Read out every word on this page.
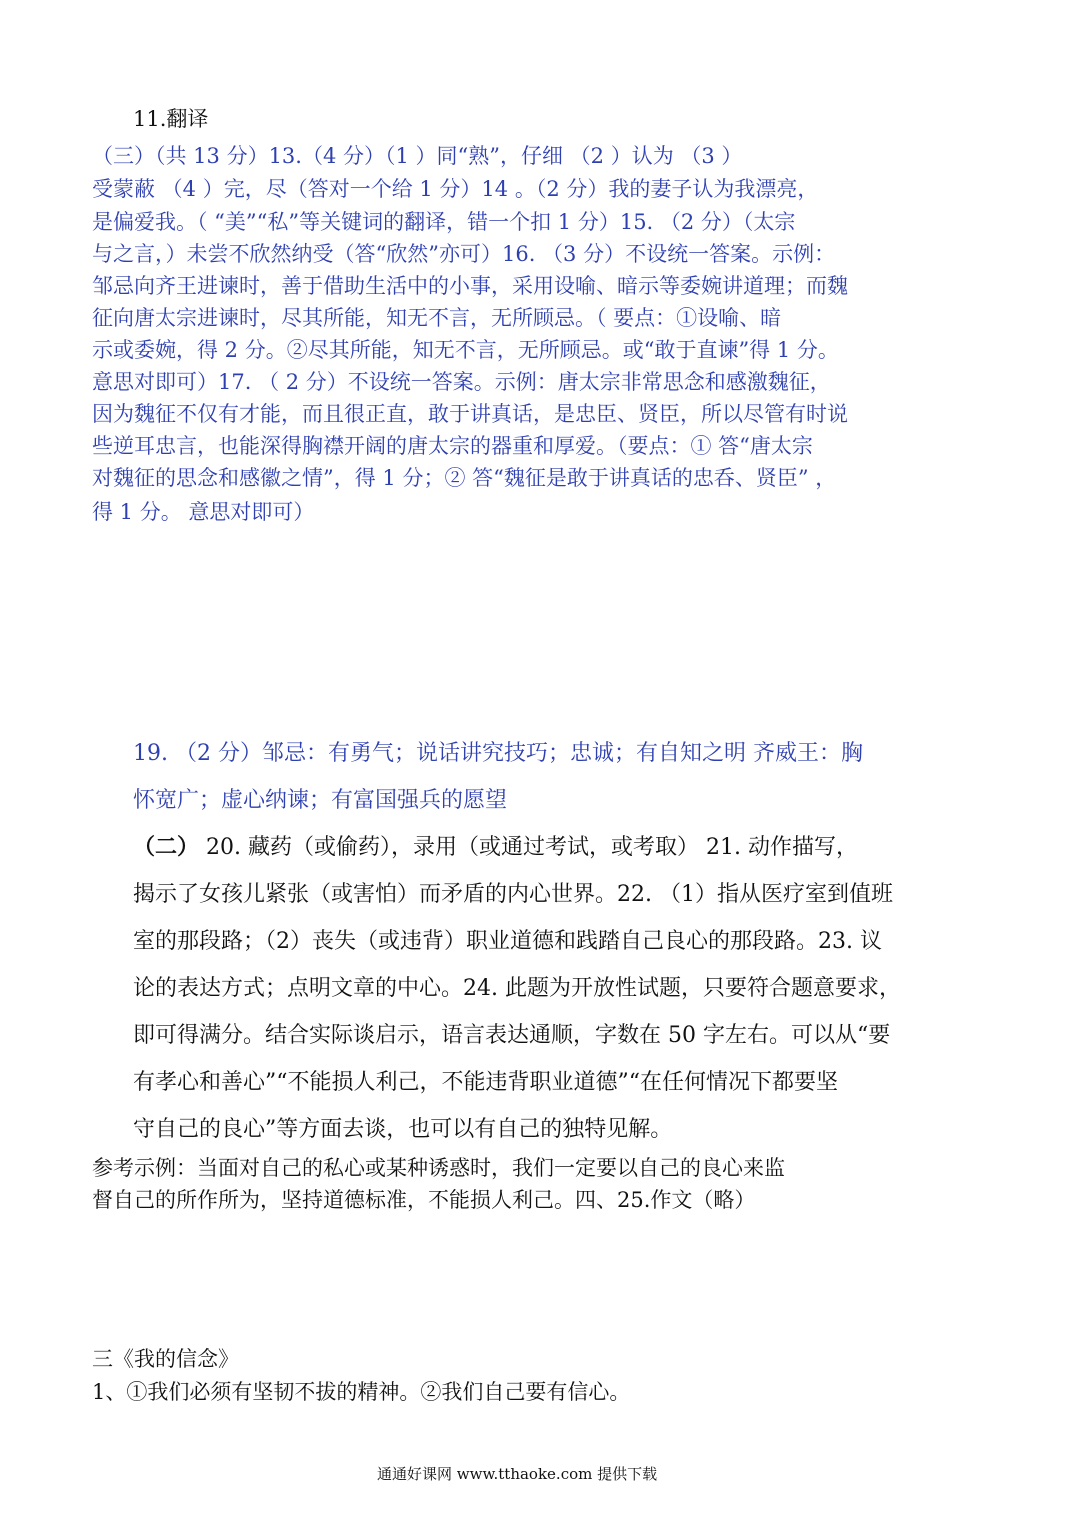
11.翻译

（三）（共 13 分）13.（4 分）（1 ）同“熟”，仔细 （2 ）认为 （3 ）

受蒙蔽 （4 ）完，尽（答对一个给 1 分）14 。（2 分）我的妻子认为我漂亮，

是偏爱我。（ “美”“私”等关键词的翻译，错一个扣 1 分）15. （2 分）（太宗

与之言，）未尝不欣然纳受（答“欣然”亦可）16. （3 分）不设统一答案。示例：

邹忌向齐王进谏时，善于借助生活中的小事，采用设喻、暗示等委婉讲道理；而魏

征向唐太宗进谏时，尽其所能，知无不言，无所顾忌。（ 要点：①设喻、暗

示或委婉，得 2 分。②尽其所能，知无不言，无所顾忌。或“敢于直谏”得 1 分。

意思对即可）17. （ 2 分）不设统一答案。示例：唐太宗非常思念和感激魏征，

因为魏征不仅有才能，而且很正直，敢于讲真话，是忠臣、贤臣，所以尽管有时说

些逆耳忠言，也能深得胸襟开阔的唐太宗的器重和厚爱。（要点：① 答“唐太宗

对魏征的思念和感徽之情”，得 1 分；② 答“魏征是敢于讲真话的忠呑、贤臣” ，

得 1 分。 意思对即可）

19. （2 分）邹忌：有勇气；说话讲究技巧；忠诚；有自知之明 齐威王：胸

怀宽广；虚心纳谏；有富国强兵的愿望

（二） 20. 藏药（或偷药），录用（或通过考试，或考取） 21. 动作描写，

揭示了女孩儿紧张（或害怕）而矛盾的内心世界。22. （1）指从医疗室到值班

室的那段路；（2）丧失（或违背）职业道德和践踏自己良心的那段路。23. 议

论的表达方式；点明文章的中心。24. 此题为开放性试题，只要符合题意要求，

即可得满分。结合实际谈启示，语言表达通顺，字数在 50 字左右。可以从“要

有孝心和善心”“不能损人利己，不能违背职业道德”“在任何情况下都要坚

守自己的良心”等方面去谈，也可以有自己的独特见解。

参考示例：当面对自己的私心或某种诱惑时，我们一定要以自己的良心来监

督自己的所作所为，坚持道德标准，不能损人利己。四、25.作文（略）

三《我的信念》

1、①我们必须有坚韧不拔的精神。②我们自己要有信心。

通通好课网 www.tthaoke.com 提供下载
